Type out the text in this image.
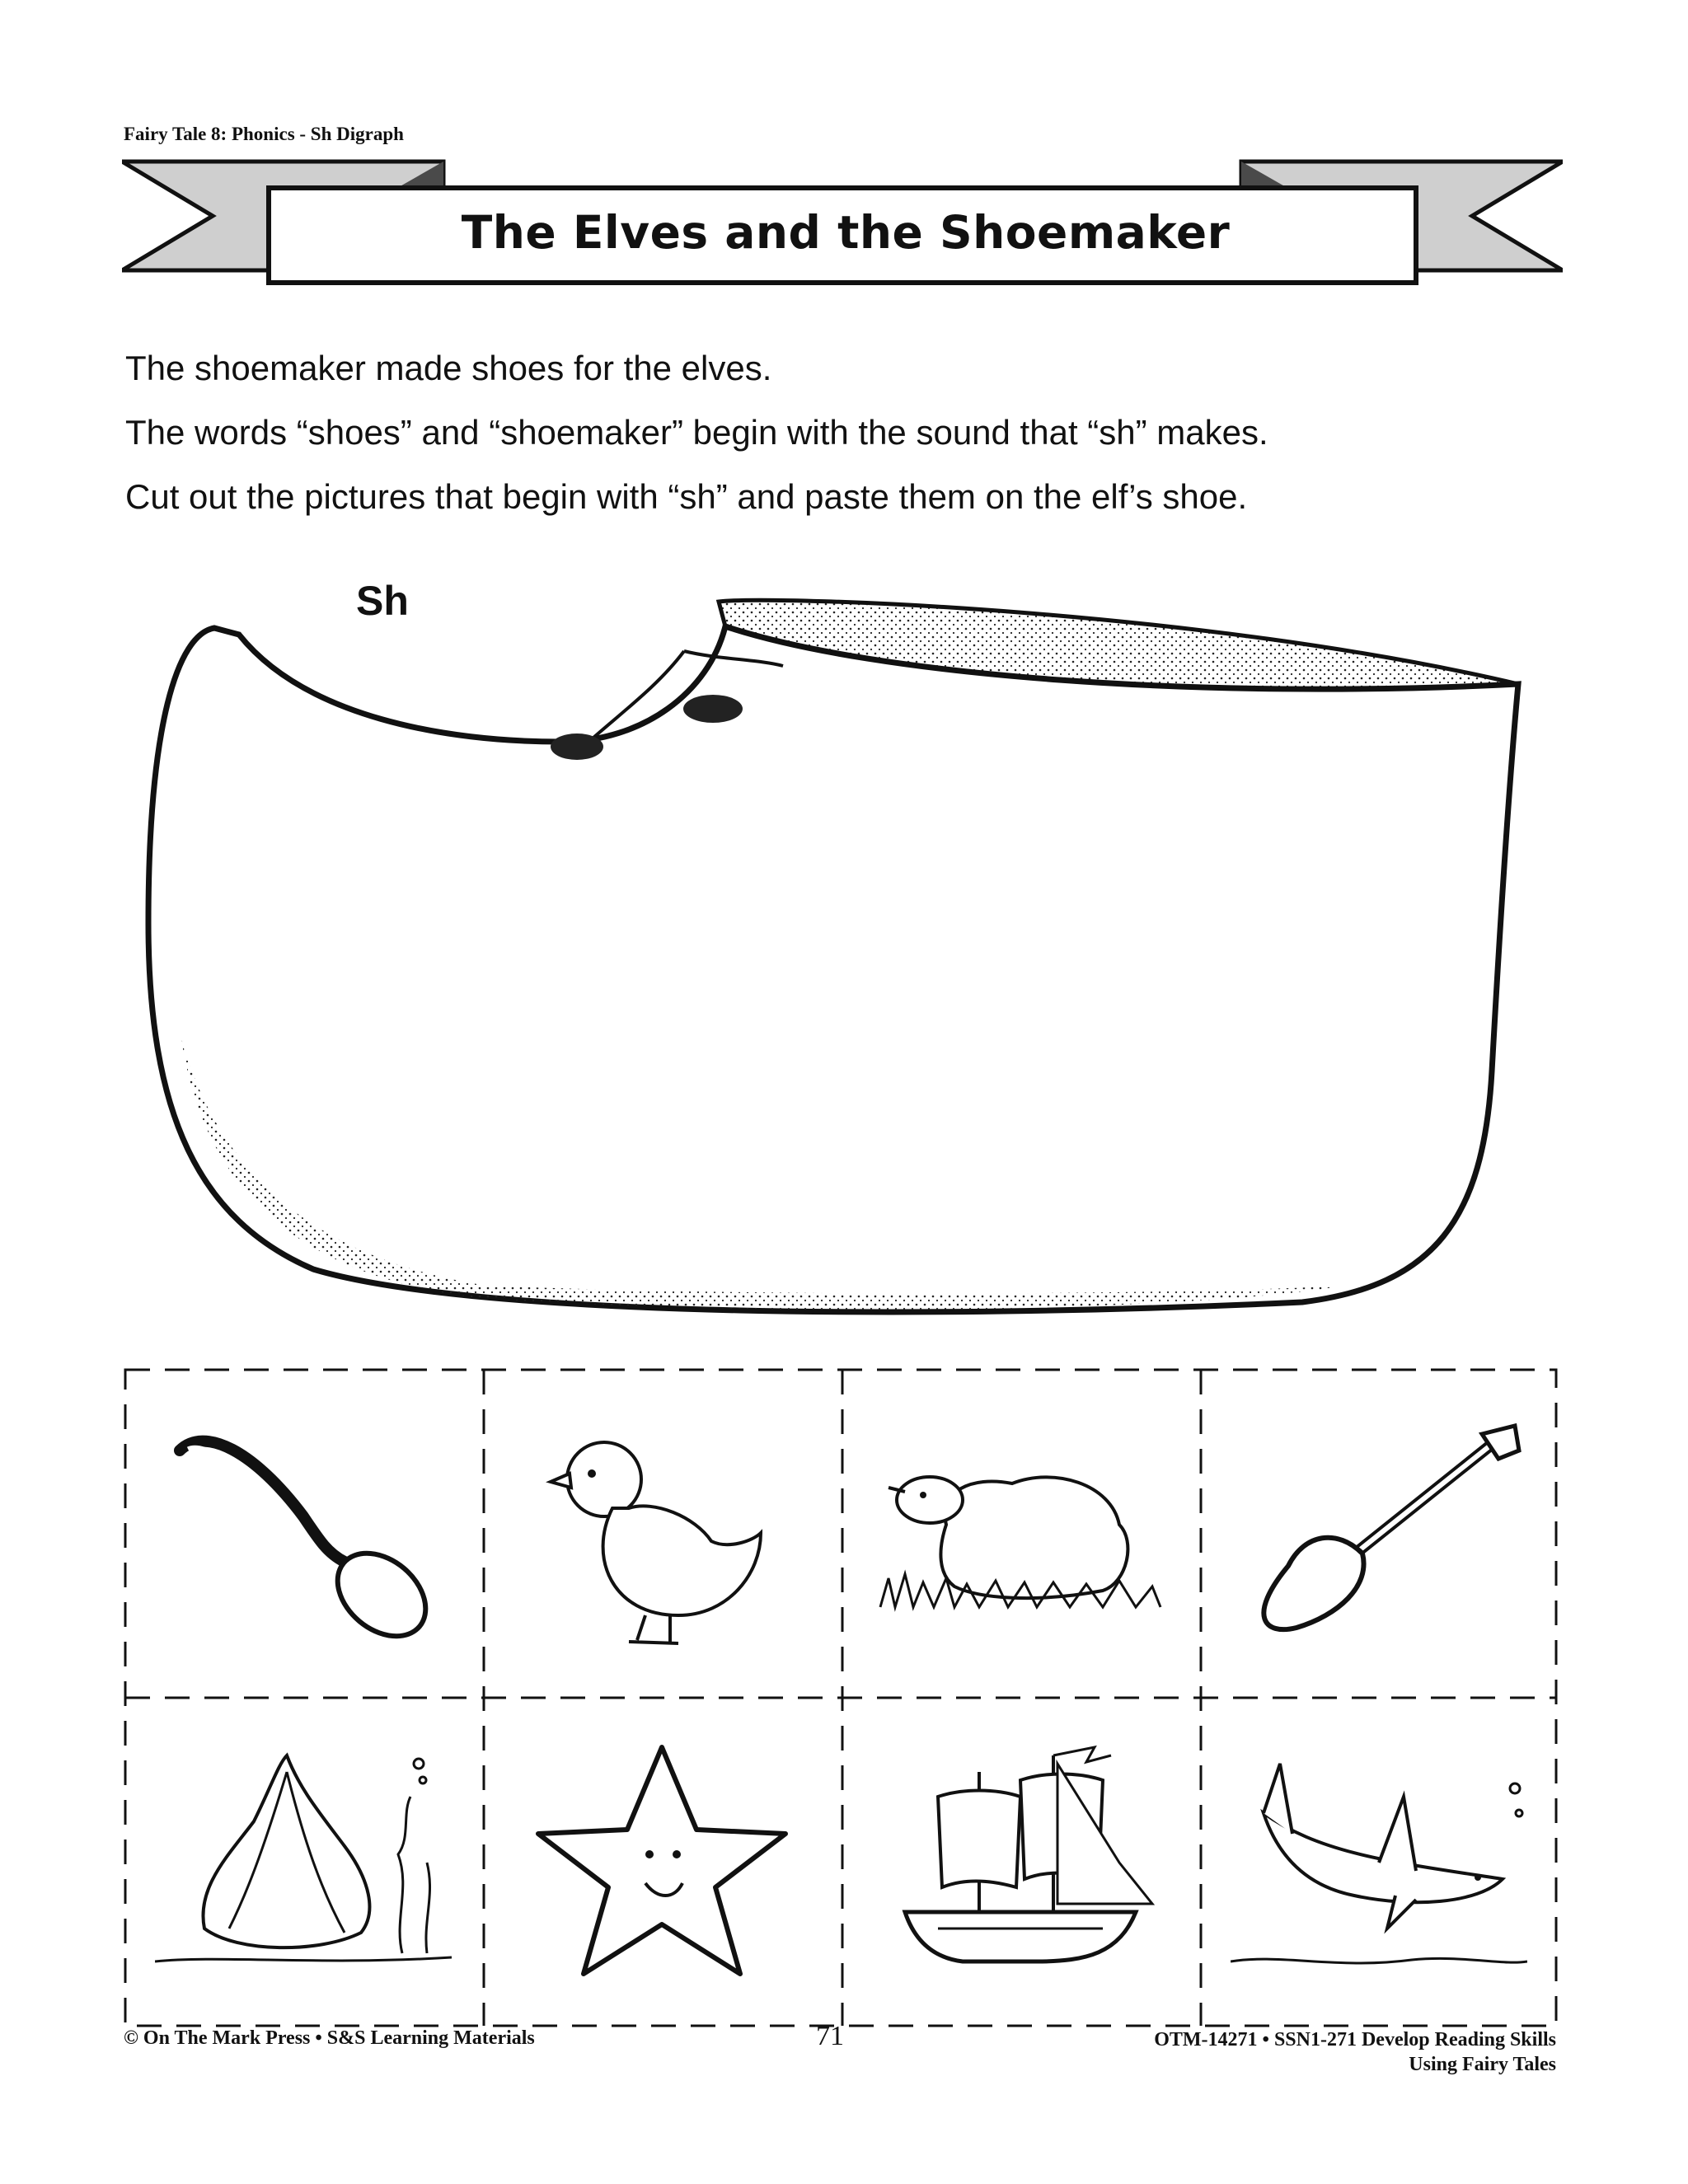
Fairy Tale 8: Phonics - Sh Digraph
The Elves and the Shoemaker

The shoemaker made shoes for the elves.

The words “shoes” and “shoemaker” begin with the sound that “sh” makes.

Cut out the pictures that begin with “sh” and paste them on the elf’s shoe.

Sh
© On The Mark Press • S&S Learning Materials	71	OTM-14271 • SSN1-271 Develop Reading Skills
Using Fairy Tales
